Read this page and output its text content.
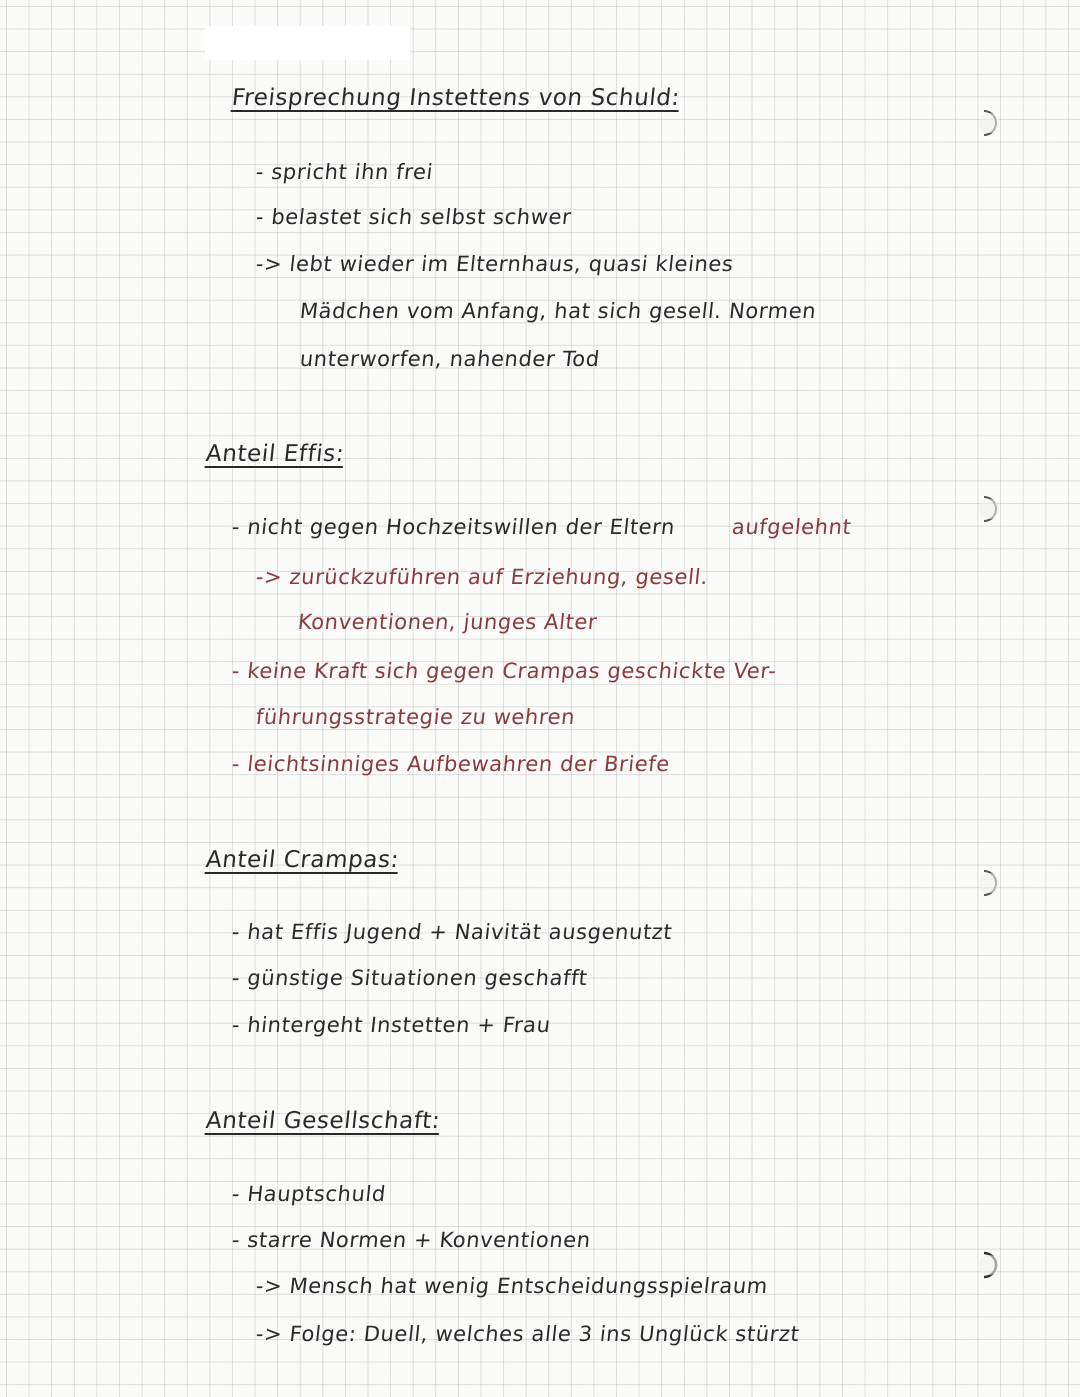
Freisprechung Instettens von Schuld:
- spricht ihn frei
- belastet sich selbst schwer
-> lebt wieder im Elternhaus, quasi kleines
Mädchen vom Anfang, hat sich gesell. Normen
unterworfen, nahender Tod
Anteil Effis:
- nicht gegen Hochzeitswillen der Eltern	aufgelehnt
-> zurückzuführen auf Erziehung, gesell.
Konventionen, junges Alter
- keine Kraft sich gegen Crampas geschickte Ver-
führungsstrategie zu wehren
- leichtsinniges Aufbewahren der Briefe
Anteil Crampas:
- hat Effis Jugend + Naivität ausgenutzt
- günstige Situationen geschafft
- hintergeht Instetten + Frau
Anteil Gesellschaft:
- Hauptschuld
- starre Normen + Konventionen
-> Mensch hat wenig Entscheidungsspielraum
-> Folge: Duell, welches alle 3 ins Unglück stürzt
